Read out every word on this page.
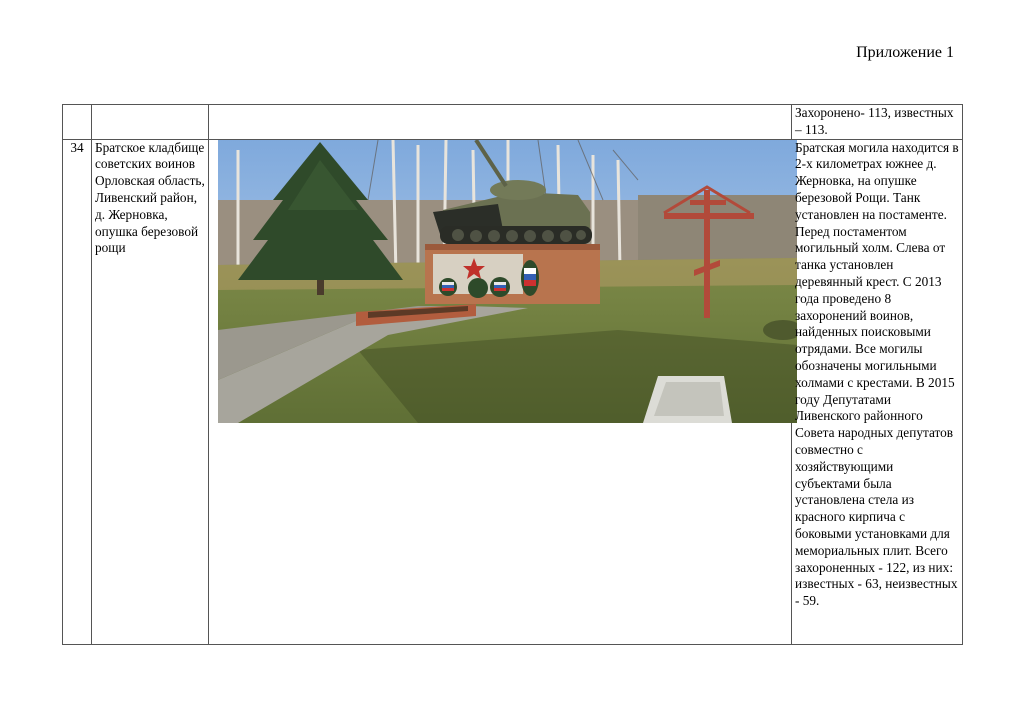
Приложение 1
			Захоронено- 113, известных – 113.
34	Братское кладбище советских воинов Орловская область, Ливенский район, д. Жерновка, опушка березовой рощи		Братская могила находится в 2-х километрах южнее д. Жерновка, на опушке березовой Рощи. Танк установлен на постаменте. Перед постаментом могильный холм. Слева от танка установлен деревянный крест. С 2013 года проведено 8 захоронений воинов, найденных поисковыми отрядами. Все могилы обозначены могильными холмами с крестами. В 2015 году Депутатами Ливенского районного Совета народных депутатов совместно с хозяйствующими субъектами была установлена стела из красного кирпича с боковыми установками для мемориальных плит. Всего захороненных - 122, из них: известных - 63, неизвестных - 59.
